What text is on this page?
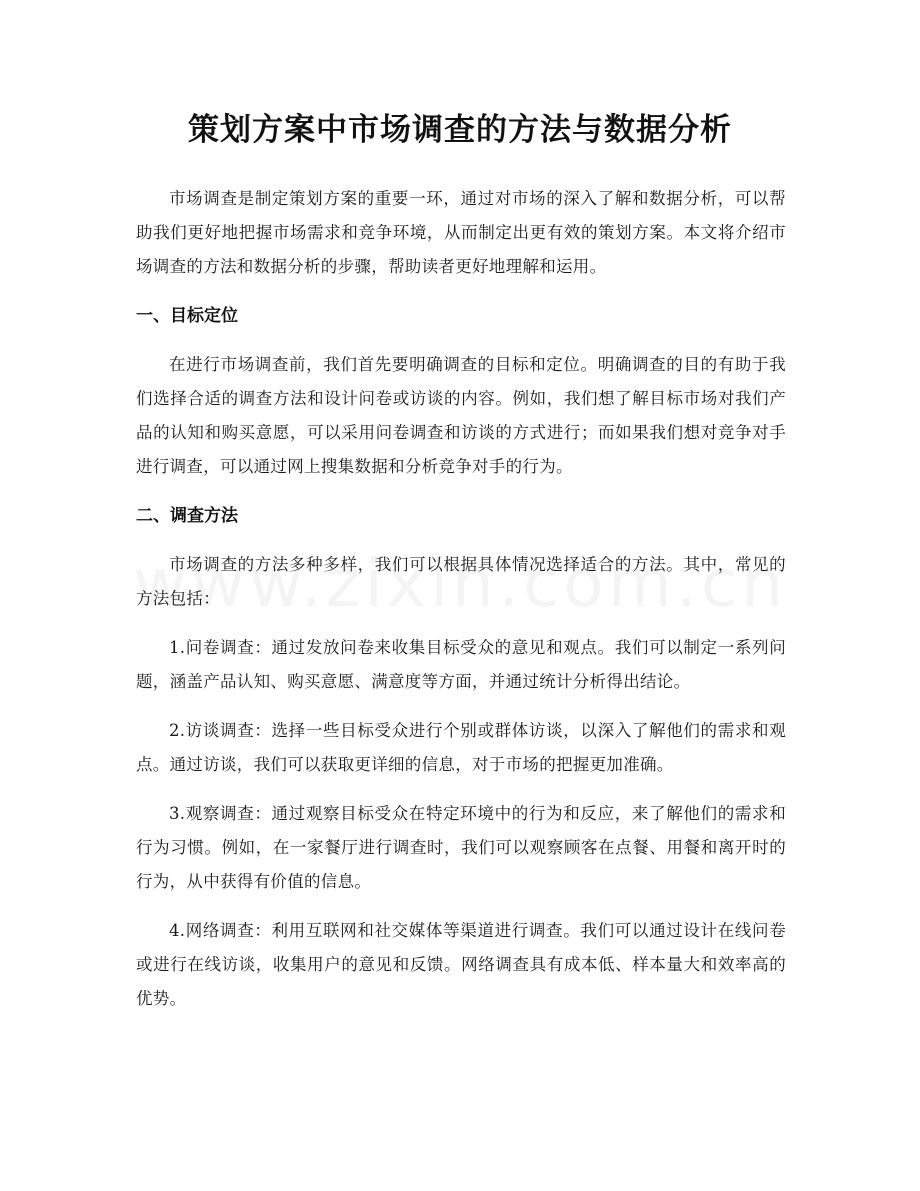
策划方案中市场调查的方法与数据分析

市场调查是制定策划方案的重要一环，通过对市场的深入了解和数据分析，可以帮助我们更好地把握市场需求和竞争环境，从而制定出更有效的策划方案。本文将介绍市场调查的方法和数据分析的步骤，帮助读者更好地理解和运用。

一、目标定位

在进行市场调查前，我们首先要明确调查的目标和定位。明确调查的目的有助于我们选择合适的调查方法和设计问卷或访谈的内容。例如，我们想了解目标市场对我们产品的认知和购买意愿，可以采用问卷调查和访谈的方式进行；而如果我们想对竞争对手进行调查，可以通过网上搜集数据和分析竞争对手的行为。

二、调查方法

市场调查的方法多种多样，我们可以根据具体情况选择适合的方法。其中，常见的方法包括：

1.问卷调查：通过发放问卷来收集目标受众的意见和观点。我们可以制定一系列问题，涵盖产品认知、购买意愿、满意度等方面，并通过统计分析得出结论。

2.访谈调查：选择一些目标受众进行个别或群体访谈，以深入了解他们的需求和观点。通过访谈，我们可以获取更详细的信息，对于市场的把握更加准确。

3.观察调查：通过观察目标受众在特定环境中的行为和反应，来了解他们的需求和行为习惯。例如，在一家餐厅进行调查时，我们可以观察顾客在点餐、用餐和离开时的行为，从中获得有价值的信息。

4.网络调查：利用互联网和社交媒体等渠道进行调查。我们可以通过设计在线问卷或进行在线访谈，收集用户的意见和反馈。网络调查具有成本低、样本量大和效率高的优势。
